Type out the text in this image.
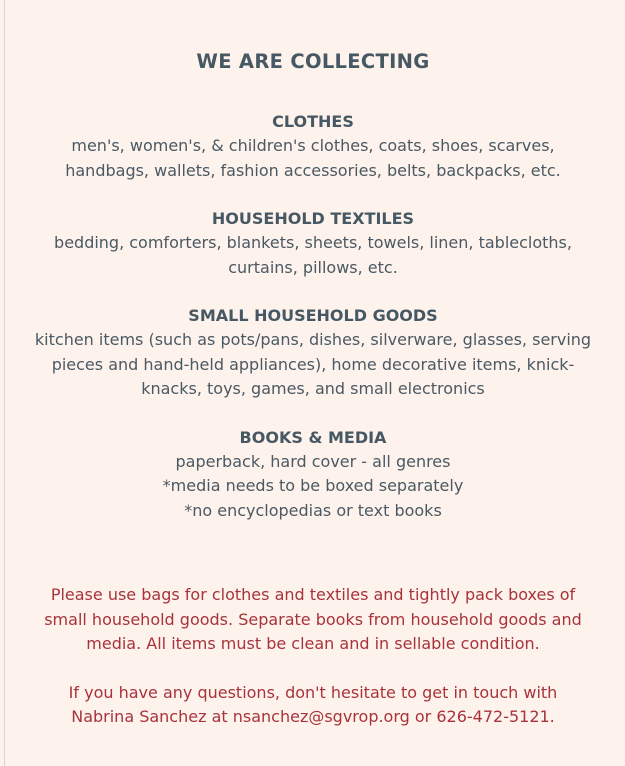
WE ARE COLLECTING
CLOTHES

men's, women's, & children's clothes, coats, shoes, scarves,
handbags, wallets, fashion accessories, belts, backpacks, etc.

HOUSEHOLD TEXTILES

bedding, comforters, blankets, sheets, towels, linen, tablecloths,
curtains, pillows, etc.

SMALL HOUSEHOLD GOODS

kitchen items (such as pots/pans, dishes, silverware, glasses, serving
pieces and hand-held appliances), home decorative items, knick-
knacks, toys, games, and small electronics

BOOKS & MEDIA

paperback, hard cover - all genres
*media needs to be boxed separately
*no encyclopedias or text books

Please use bags for clothes and textiles and tightly pack boxes of
small household goods. Separate books from household goods and
media. All items must be clean and in sellable condition.

If you have any questions, don't hesitate to get in touch with
Nabrina Sanchez at nsanchez@sgvrop.org or 626-472-5121.
